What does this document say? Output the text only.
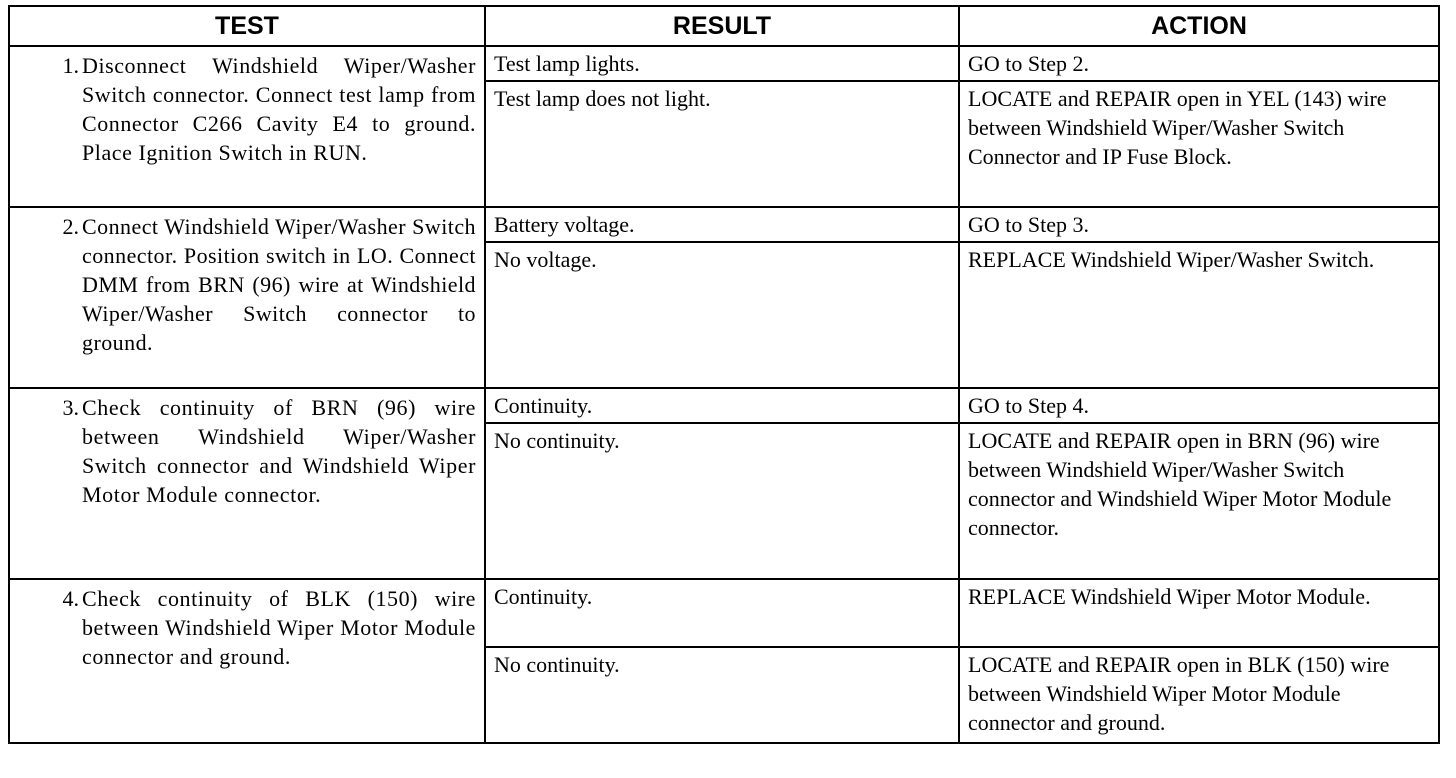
TEST	RESULT	ACTION

1. Disconnect Windshield Wiper/Washer Switch connector. Connect test lamp from Connector C266 Cavity E4 to ground. Place Ignition Switch in RUN.	Test lamp lights.	GO to Step 2.
	Test lamp does not light.	LOCATE and REPAIR open in YEL (143) wire between Windshield Wiper/Washer Switch Connector and IP Fuse Block.

2. Connect Windshield Wiper/Washer Switch connector. Position switch in LO. Connect DMM from BRN (96) wire at Windshield Wiper/Washer Switch connector to ground.	Battery voltage.	GO to Step 3.
	No voltage.	REPLACE Windshield Wiper/Washer Switch.

3. Check continuity of BRN (96) wire between Windshield Wiper/Washer Switch connector and Windshield Wiper Motor Module connector.	Continuity.	GO to Step 4.
	No continuity.	LOCATE and REPAIR open in BRN (96) wire between Windshield Wiper/Washer Switch connector and Windshield Wiper Motor Module connector.

4. Check continuity of BLK (150) wire between Windshield Wiper Motor Module connector and ground.	Continuity.	REPLACE Windshield Wiper Motor Module.
	No continuity.	LOCATE and REPAIR open in BLK (150) wire between Windshield Wiper Motor Module connector and ground.
